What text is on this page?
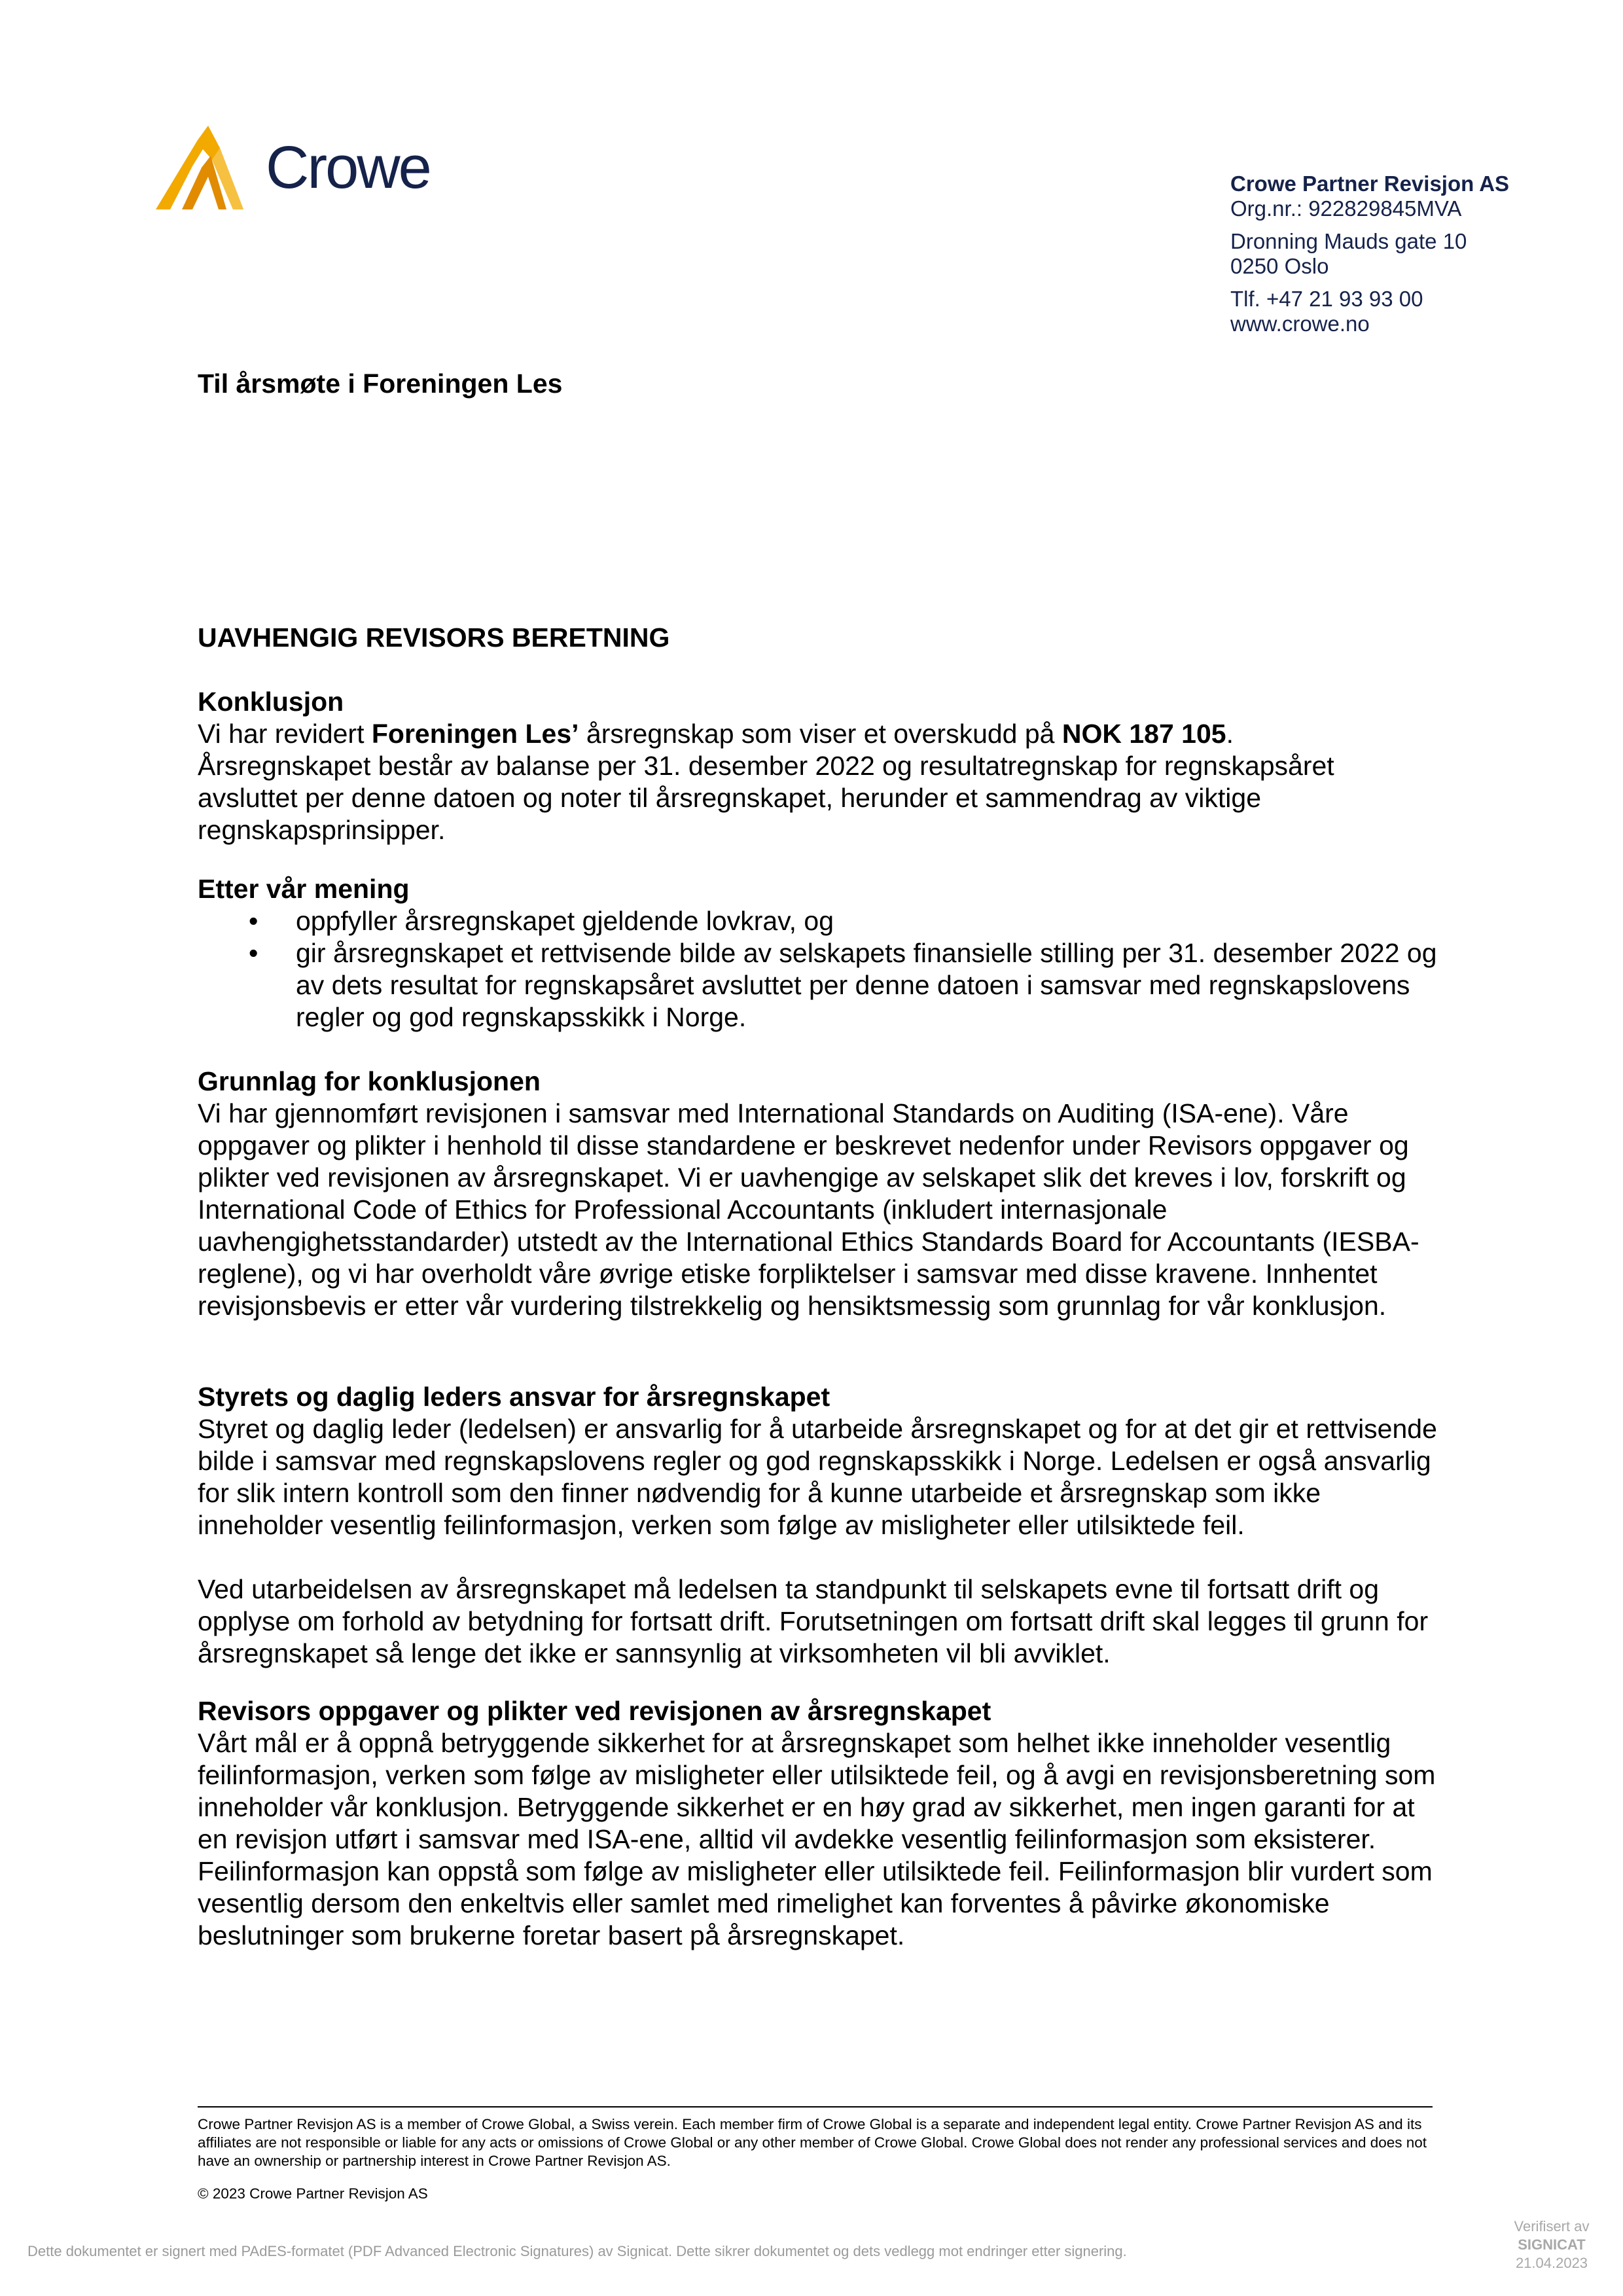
Crowe	Crowe Partner Revisjon AS
Org.nr.: 922829845MVA
Dronning Mauds gate 10
0250 Oslo
Tlf. +47 21 93 93 00
www.crowe.no
Til årsmøte i Foreningen Les
UAVHENGIG REVISORS BERETNING
Konklusjon

Vi har revidert Foreningen Les’ årsregnskap som viser et overskudd på NOK 187 105.

Årsregnskapet består av balanse per 31. desember 2022 og resultatregnskap for regnskapsåret avsluttet per denne datoen og noter til årsregnskapet, herunder et sammendrag av viktige regnskapsprinsipper.

Etter vår mening
• oppfyller årsregnskapet gjeldende lovkrav, og
• gir årsregnskapet et rettvisende bilde av selskapets finansielle stilling per 31. desember 2022 og av dets resultat for regnskapsåret avsluttet per denne datoen i samsvar med regnskapslovens regler og god regnskapsskikk i Norge.
Grunnlag for konklusjonen

Vi har gjennomført revisjonen i samsvar med International Standards on Auditing (ISA-ene). Våre oppgaver og plikter i henhold til disse standardene er beskrevet nedenfor under Revisors oppgaver og plikter ved revisjonen av årsregnskapet. Vi er uavhengige av selskapet slik det kreves i lov, forskrift og International Code of Ethics for Professional Accountants (inkludert internasjonale uavhengighetsstandarder) utstedt av the International Ethics Standards Board for Accountants (IESBA-reglene), og vi har overholdt våre øvrige etiske forpliktelser i samsvar med disse kravene. Innhentet revisjonsbevis er etter vår vurdering tilstrekkelig og hensiktsmessig som grunnlag for vår konklusjon.

Styrets og daglig leders ansvar for årsregnskapet

Styret og daglig leder (ledelsen) er ansvarlig for å utarbeide årsregnskapet og for at det gir et rettvisende bilde i samsvar med regnskapslovens regler og god regnskapsskikk i Norge. Ledelsen er også ansvarlig for slik intern kontroll som den finner nødvendig for å kunne utarbeide et årsregnskap som ikke inneholder vesentlig feilinformasjon, verken som følge av misligheter eller utilsiktede feil.

Ved utarbeidelsen av årsregnskapet må ledelsen ta standpunkt til selskapets evne til fortsatt drift og opplyse om forhold av betydning for fortsatt drift. Forutsetningen om fortsatt drift skal legges til grunn for årsregnskapet så lenge det ikke er sannsynlig at virksomheten vil bli avviklet.

Revisors oppgaver og plikter ved revisjonen av årsregnskapet

Vårt mål er å oppnå betryggende sikkerhet for at årsregnskapet som helhet ikke inneholder vesentlig feilinformasjon, verken som følge av misligheter eller utilsiktede feil, og å avgi en revisjonsberetning som inneholder vår konklusjon. Betryggende sikkerhet er en høy grad av sikkerhet, men ingen garanti for at en revisjon utført i samsvar med ISA-ene, alltid vil avdekke vesentlig feilinformasjon som eksisterer. Feilinformasjon kan oppstå som følge av misligheter eller utilsiktede feil. Feilinformasjon blir vurdert som vesentlig dersom den enkeltvis eller samlet med rimelighet kan forventes å påvirke økonomiske beslutninger som brukerne foretar basert på årsregnskapet.

Crowe Partner Revisjon AS is a member of Crowe Global, a Swiss verein. Each member firm of Crowe Global is a separate and independent legal entity. Crowe Partner Revisjon AS and its affiliates are not responsible or liable for any acts or omissions of Crowe Global or any other member of Crowe Global. Crowe Global does not render any professional services and does not have an ownership or partnership interest in Crowe Partner Revisjon AS.
© 2023 Crowe Partner Revisjon AS
Dette dokumentet er signert med PAdES-formatet (PDF Advanced Electronic Signatures) av Signicat. Dette sikrer dokumentet og dets vedlegg mot endringer etter signering.
Verifisert av
SIGNICAT
21.04.2023
